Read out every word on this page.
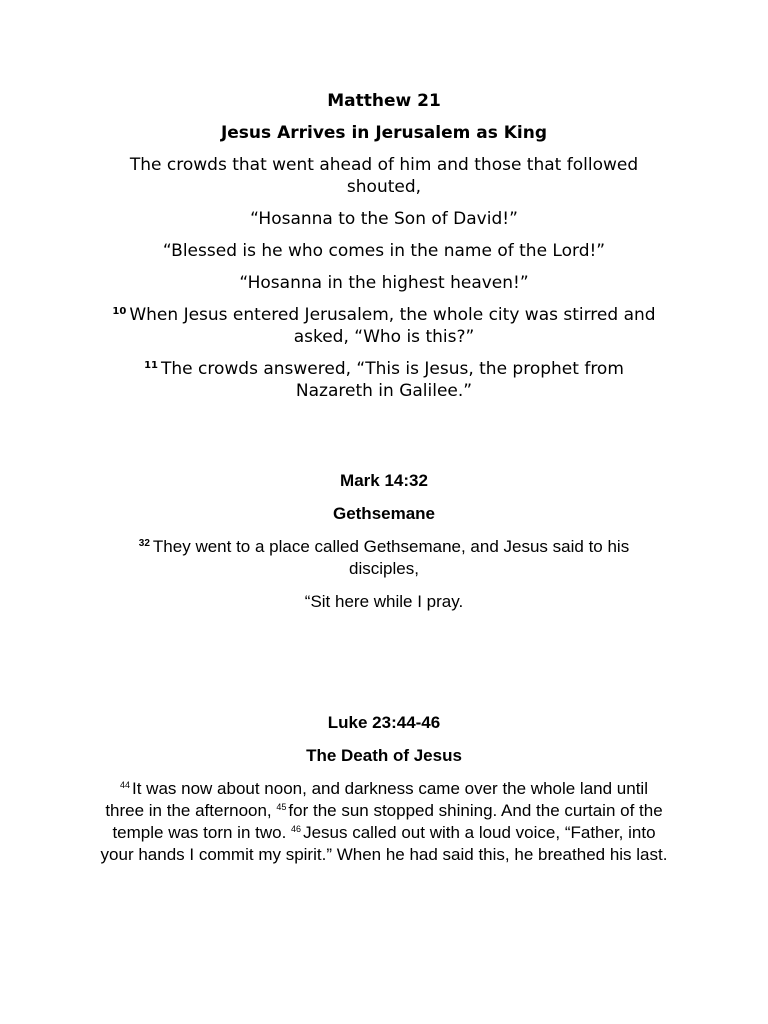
Matthew 21

Jesus Arrives in Jerusalem as King

The crowds that went ahead of him and those that followed shouted,

“Hosanna to the Son of David!”

“Blessed is he who comes in the name of the Lord!”

“Hosanna in the highest heaven!”

$^{10}$ When Jesus entered Jerusalem, the whole city was stirred and asked, “Who is this?”

$^{11}$ The crowds answered, “This is Jesus, the prophet from Nazareth in Galilee.”

Mark 14:32

Gethsemane

$^{32}$ They went to a place called Gethsemane, and Jesus said to his disciples,

“Sit here while I pray.

Luke 23:44-46

The Death of Jesus

$^{44}$ It was now about noon, and darkness came over the whole land until three in the afternoon, $^{45}$ for the sun stopped shining. And the curtain of the temple was torn in two. $^{46}$ Jesus called out with a loud voice, “Father, into your hands I commit my spirit.” When he had said this, he breathed his last.
